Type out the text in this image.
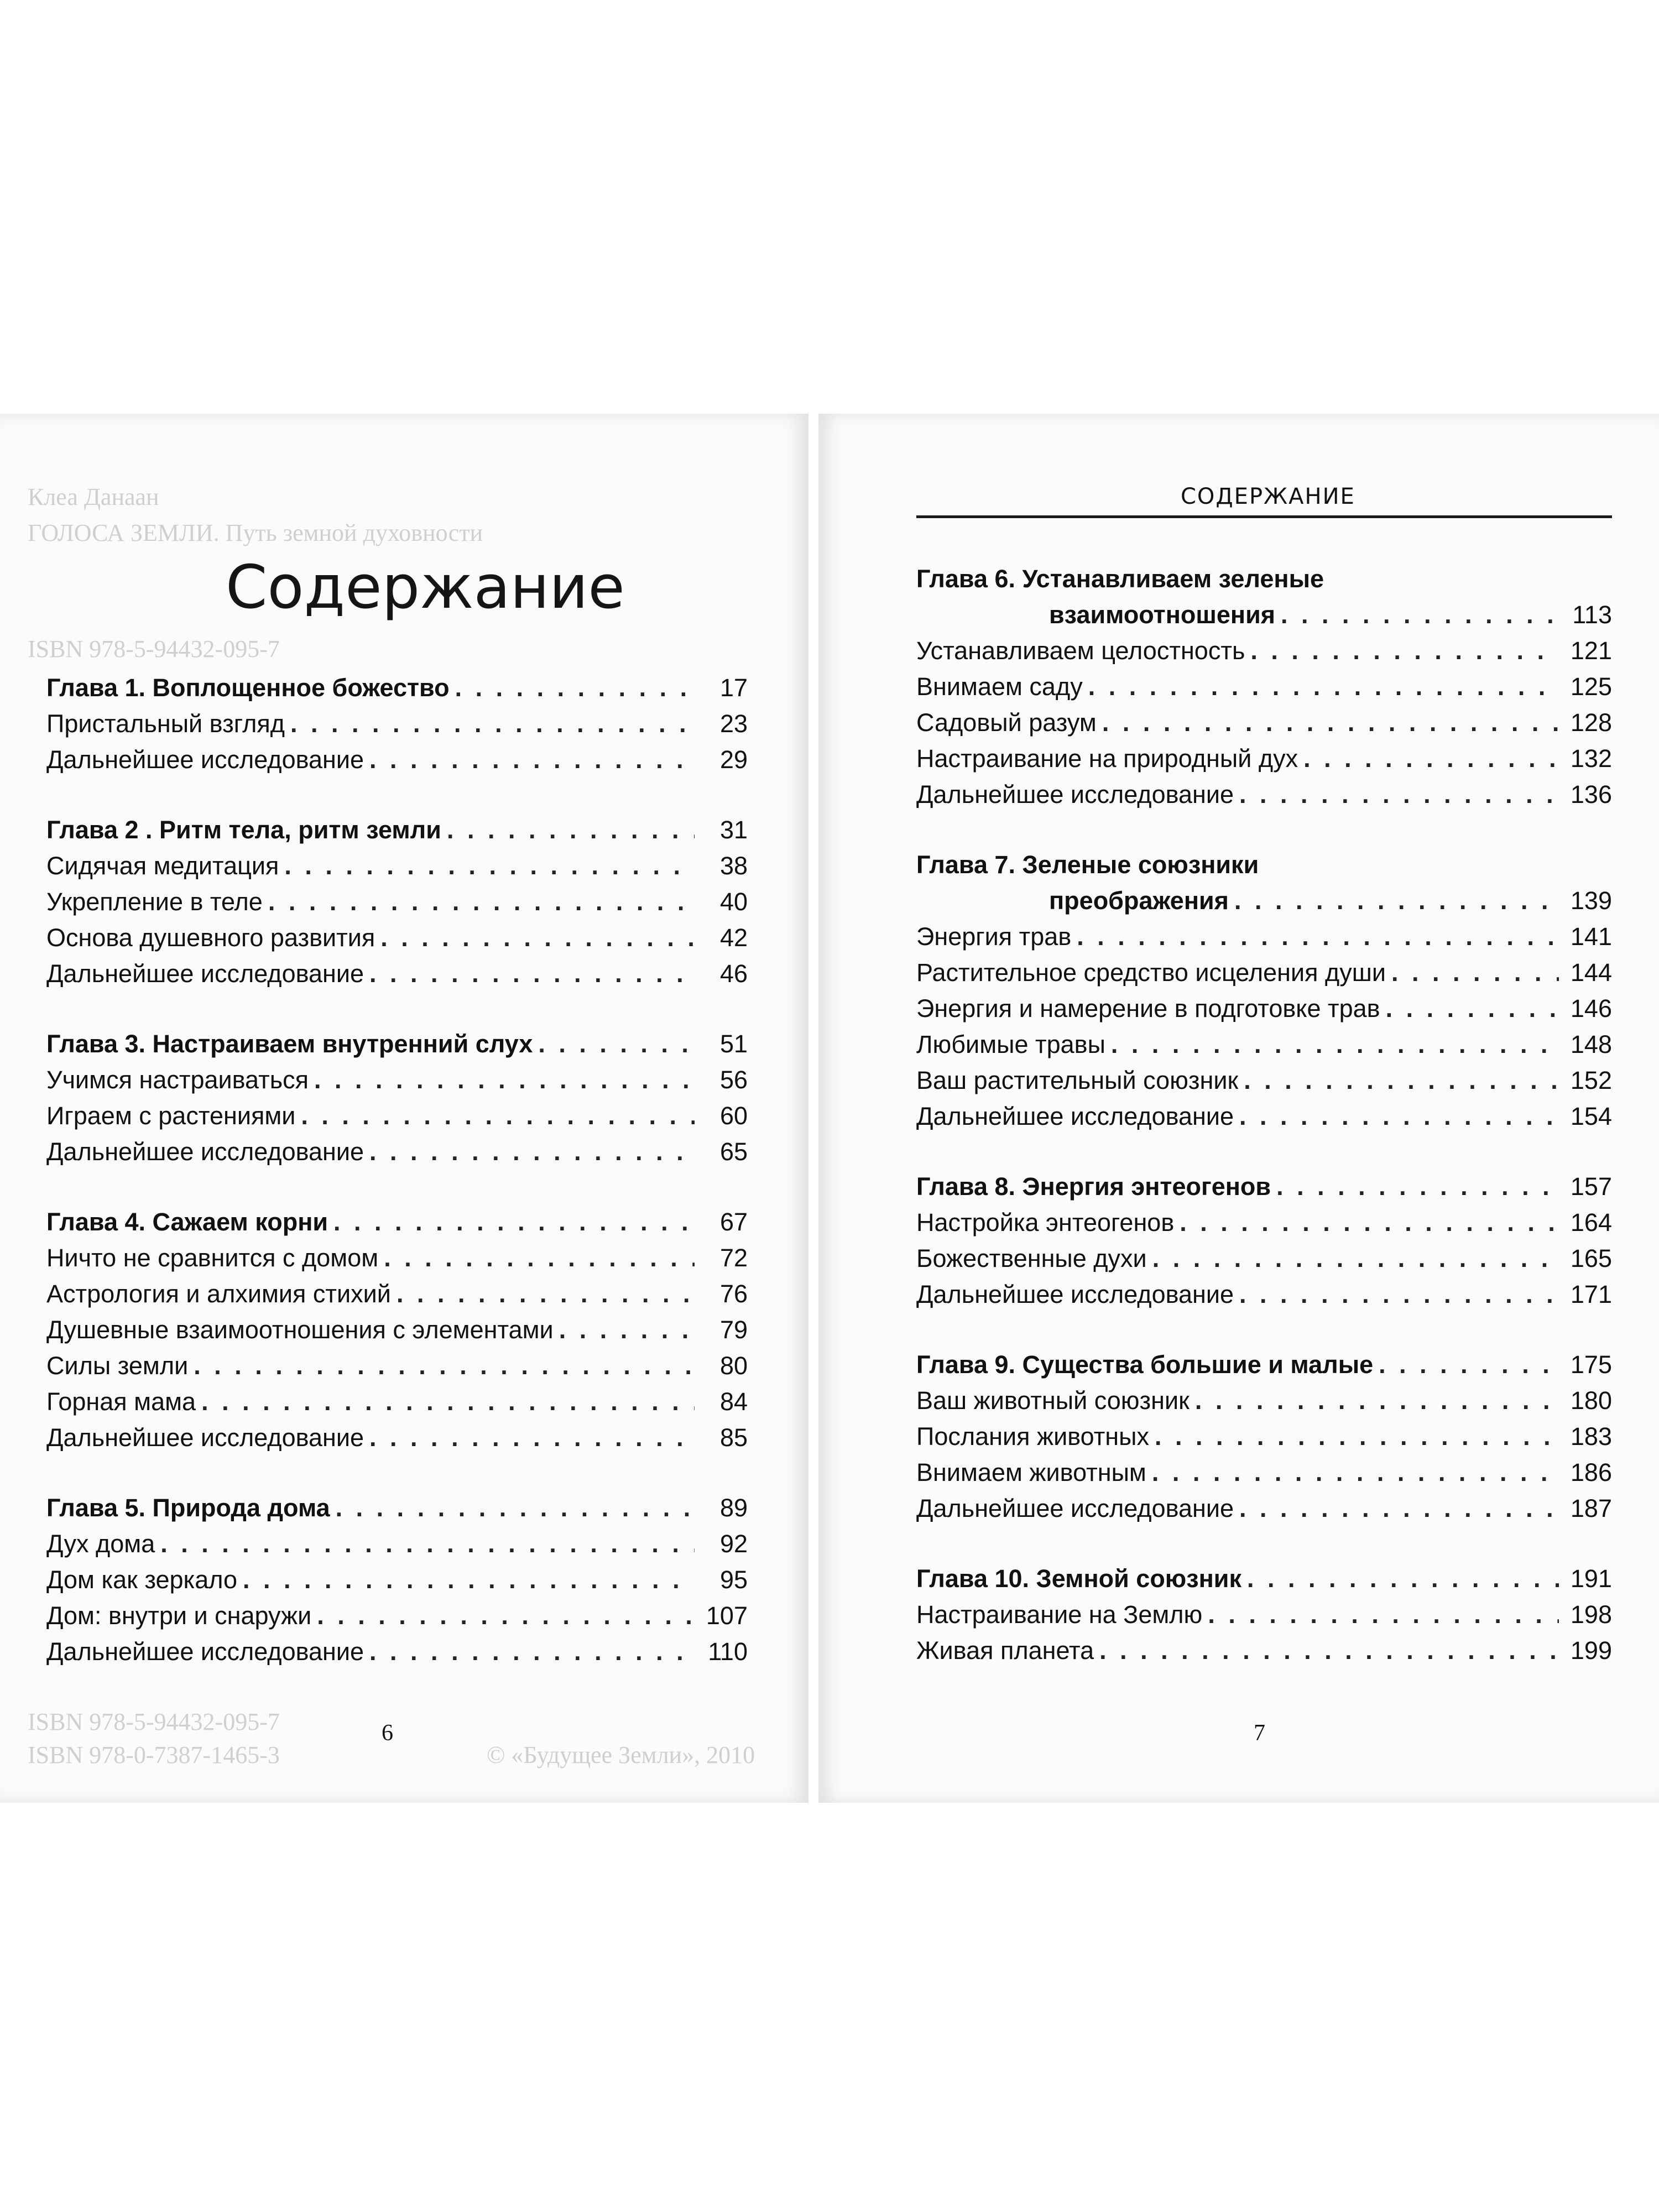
Клеа Данаан
ГОЛОСА ЗЕМЛИ. Путь земной духовности
ISBN 978-5-94432-095-7
ISBN 978-5-94432-095-7
ISBN 978-0-7387-1465-3	© «Будущее Земли», 2010
Содержание
Глава 1. Воплощенное божество . . .	17
Пристальный взгляд . . .	23
Дальнейшее исследование . . .	29
Глава 2 . Ритм тела, ритм земли . . .	31
Сидячая медитация . . .	38
Укрепление в теле . . .	40
Основа душевного развития . . .	42
Дальнейшее исследование . . .	46
Глава 3. Настраиваем внутренний слух . . .	51
Учимся настраиваться . . .	56
Играем с растениями . . .	60
Дальнейшее исследование . . .	65
Глава 4. Сажаем корни . . .	67
Ничто не сравнится с домом . . .	72
Астрология и алхимия стихий . . .	76
Душевные взаимоотношения с элементами . . .	79
Силы земли . . .	80
Горная мама . . .	84
Дальнейшее исследование . . .	85
Глава 5. Природа дома . . .	89
Дух дома . . .	92
Дом как зеркало . . .	95
Дом: внутри и снаружи . . .	107
Дальнейшее исследование . . .	110
6
СОДЕРЖАНИЕ
Глава 6. Устанавливаем зеленые
взаимоотношения . . .	113
Устанавливаем целостность . . .	121
Внимаем саду . . .	125
Садовый разум . . .	128
Настраивание на природный дух . . .	132
Дальнейшее исследование . . .	136
Глава 7. Зеленые союзники
преображения . . .	139
Энергия трав . . .	141
Растительное средство исцеления души . . .	144
Энергия и намерение в подготовке трав . . .	146
Любимые травы . . .	148
Ваш растительный союзник . . .	152
Дальнейшее исследование . . .	154
Глава 8. Энергия энтеогенов . . .	157
Настройка энтеогенов . . .	164
Божественные духи . . .	165
Дальнейшее исследование . . .	171
Глава 9. Существа большие и малые . . .	175
Ваш животный союзник . . .	180
Послания животных . . .	183
Внимаем животным . . .	186
Дальнейшее исследование . . .	187
Глава 10. Земной союзник . . .	191
Настраивание на Землю . . .	198
Живая планета . . .	199
7
